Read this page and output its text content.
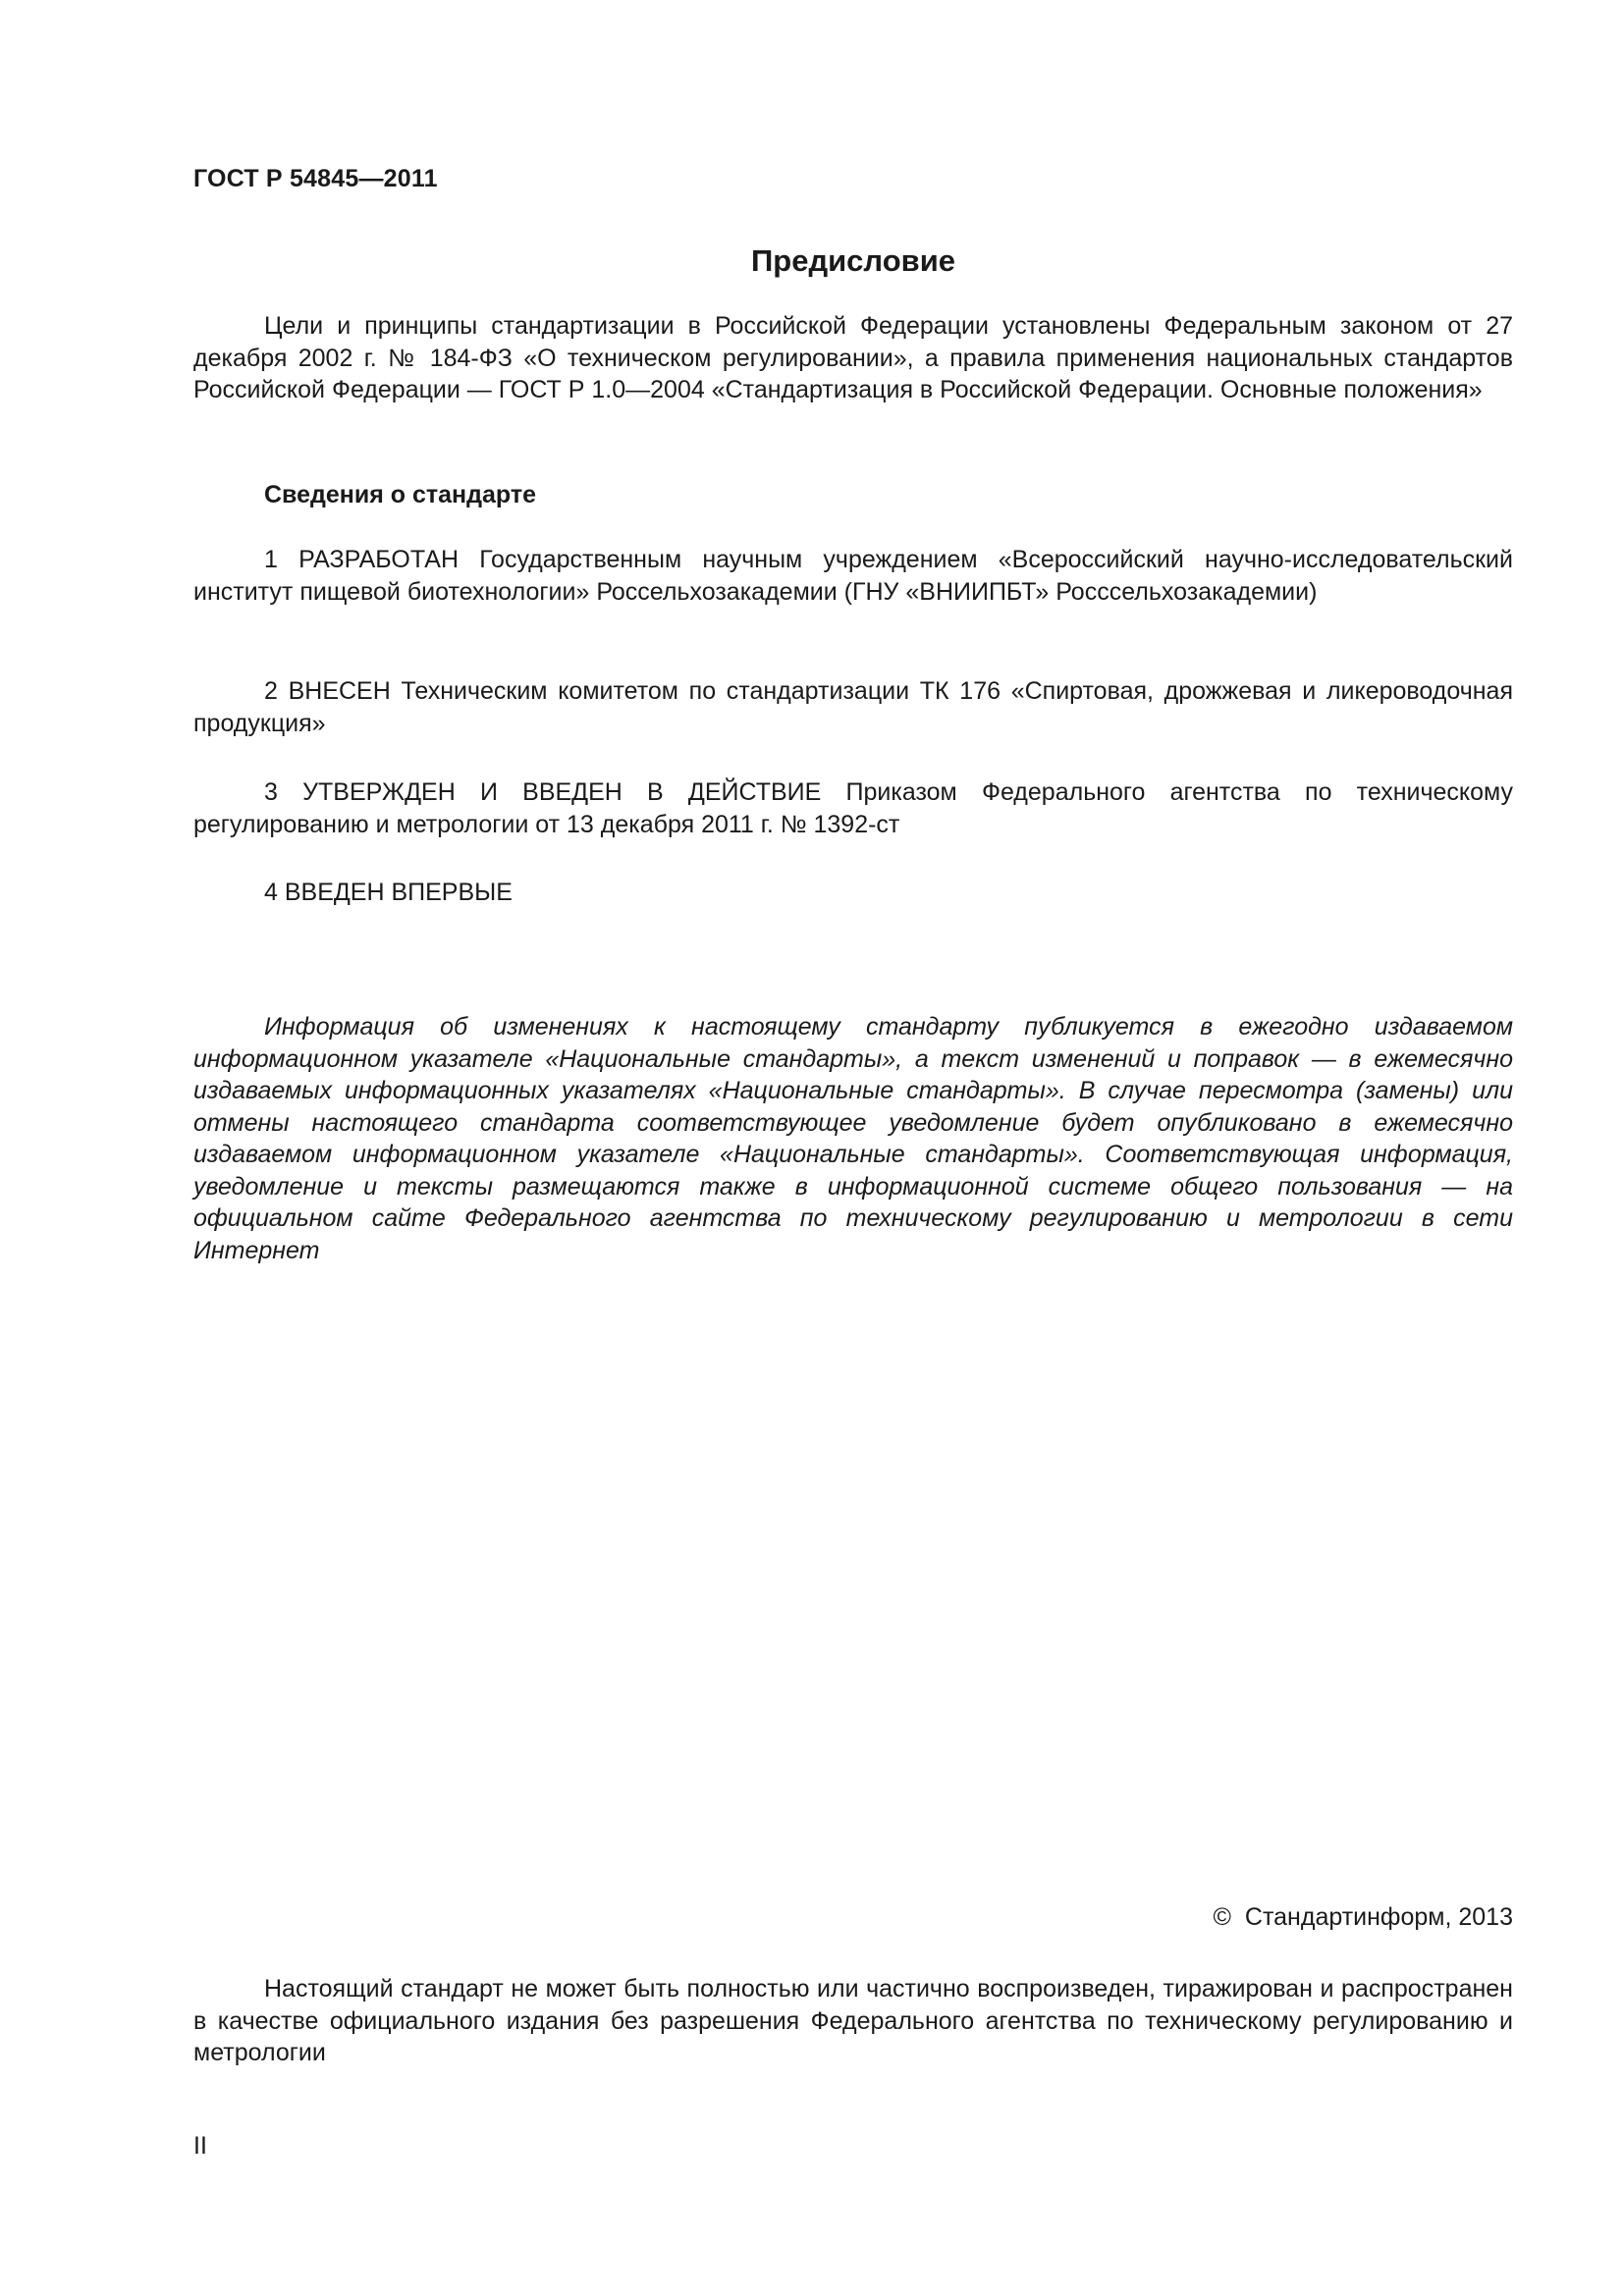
ГОСТ Р 54845—2011
Предисловие

Цели и принципы стандартизации в Российской Федерации установлены Федеральным законом от 27 декабря 2002 г. № 184-ФЗ «О техническом регулировании», а правила применения национальных стандартов Российской Федерации — ГОСТ Р 1.0—2004 «Стандартизация в Российской Федерации. Основные положения»

Сведения о стандарте

1 РАЗРАБОТАН Государственным научным учреждением «Всероссийский научно-исследовательский институт пищевой биотехнологии» Россельхозакадемии (ГНУ «ВНИИПБТ» Росссельхозакадемии)

2 ВНЕСЕН Техническим комитетом по стандартизации ТК 176 «Спиртовая, дрожжевая и ликероводочная продукция»

3 УТВЕРЖДЕН И ВВЕДЕН В ДЕЙСТВИЕ Приказом Федерального агентства по техническому регулированию и метрологии от 13 декабря 2011 г. № 1392-ст

4 ВВЕДЕН ВПЕРВЫЕ

Информация об изменениях к настоящему стандарту публикуется в ежегодно издаваемом информационном указателе «Национальные стандарты», а текст изменений и поправок — в ежемесячно издаваемых информационных указателях «Национальные стандарты». В случае пересмотра (замены) или отмены настоящего стандарта соответствующее уведомление будет опубликовано в ежемесячно издаваемом информационном указателе «Национальные стандарты». Соответствующая информация, уведомление и тексты размещаются также в информационной системе общего пользования — на официальном сайте Федерального агентства по техническому регулированию и метрологии в сети Интернет

© Стандартинформ, 2013

Настоящий стандарт не может быть полностью или частично воспроизведен, тиражирован и распространен в качестве официального издания без разрешения Федерального агентства по техническому регулированию и метрологии

II
